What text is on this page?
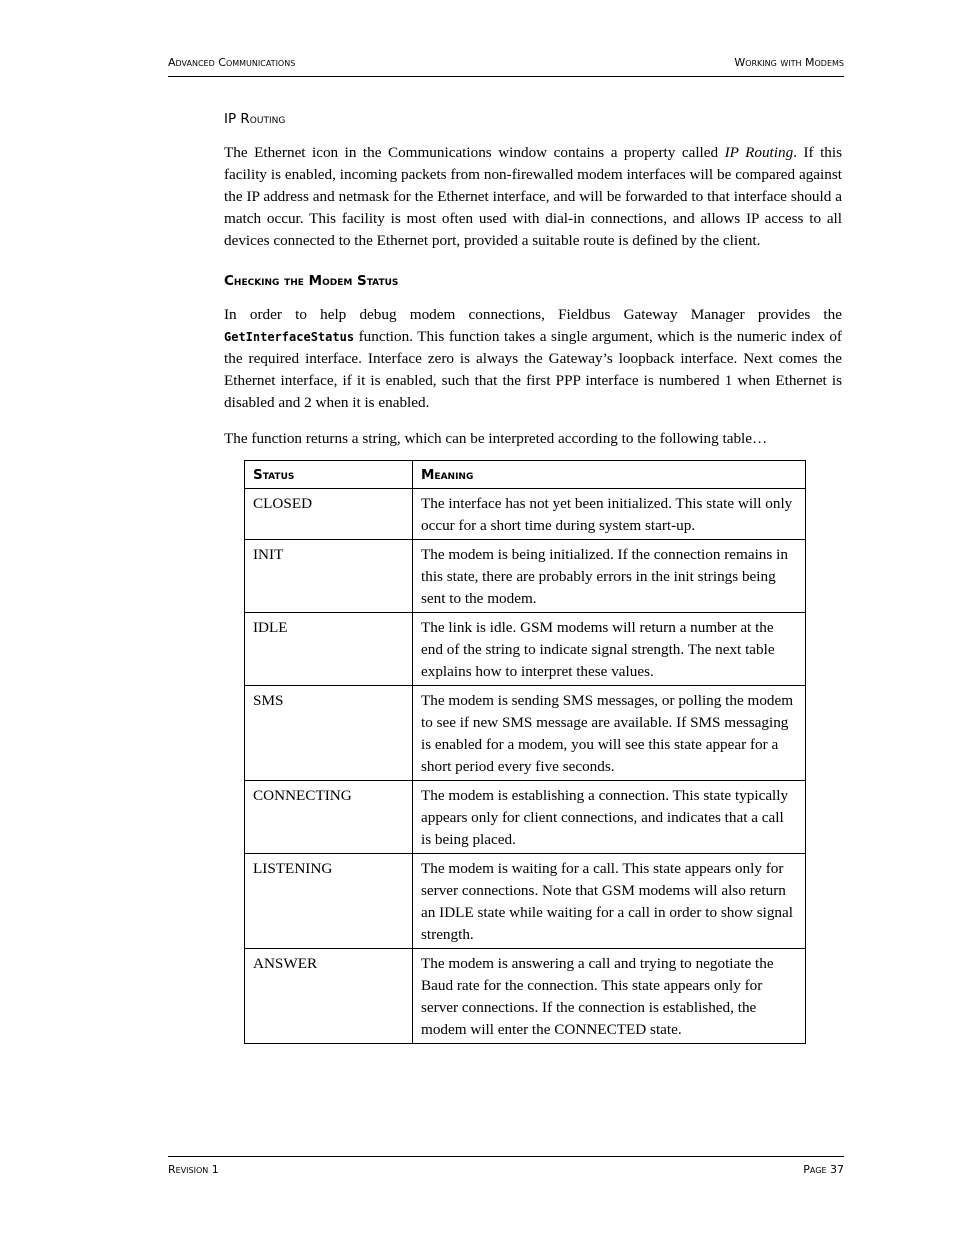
Advanced Communications	Working with Modems
IP Routing

The Ethernet icon in the Communications window contains a property called IP Routing. If this facility is enabled, incoming packets from non-firewalled modem interfaces will be compared against the IP address and netmask for the Ethernet interface, and will be forwarded to that interface should a match occur. This facility is most often used with dial-in connections, and allows IP access to all devices connected to the Ethernet port, provided a suitable route is defined by the client.

Checking the Modem Status

In order to help debug modem connections, Fieldbus Gateway Manager provides the GetInterfaceStatus function. This function takes a single argument, which is the numeric index of the required interface. Interface zero is always the Gateway’s loopback interface. Next comes the Ethernet interface, if it is enabled, such that the first PPP interface is numbered 1 when Ethernet is disabled and 2 when it is enabled.

The function returns a string, which can be interpreted according to the following table…

Status	Meaning
CLOSED	The interface has not yet been initialized. This state will only occur for a short time during system start-up.
INIT	The modem is being initialized. If the connection remains in this state, there are probably errors in the init strings being sent to the modem.
IDLE	The link is idle. GSM modems will return a number at the end of the string to indicate signal strength. The next table explains how to interpret these values.
SMS	The modem is sending SMS messages, or polling the modem to see if new SMS message are available. If SMS messaging is enabled for a modem, you will see this state appear for a short period every five seconds.
CONNECTING	The modem is establishing a connection. This state typically appears only for client connections, and indicates that a call is being placed.
LISTENING	The modem is waiting for a call. This state appears only for server connections. Note that GSM modems will also return an IDLE state while waiting for a call in order to show signal strength.
ANSWER	The modem is answering a call and trying to negotiate the Baud rate for the connection. This state appears only for server connections. If the connection is established, the modem will enter the CONNECTED state.
Revision 1	Page 37
